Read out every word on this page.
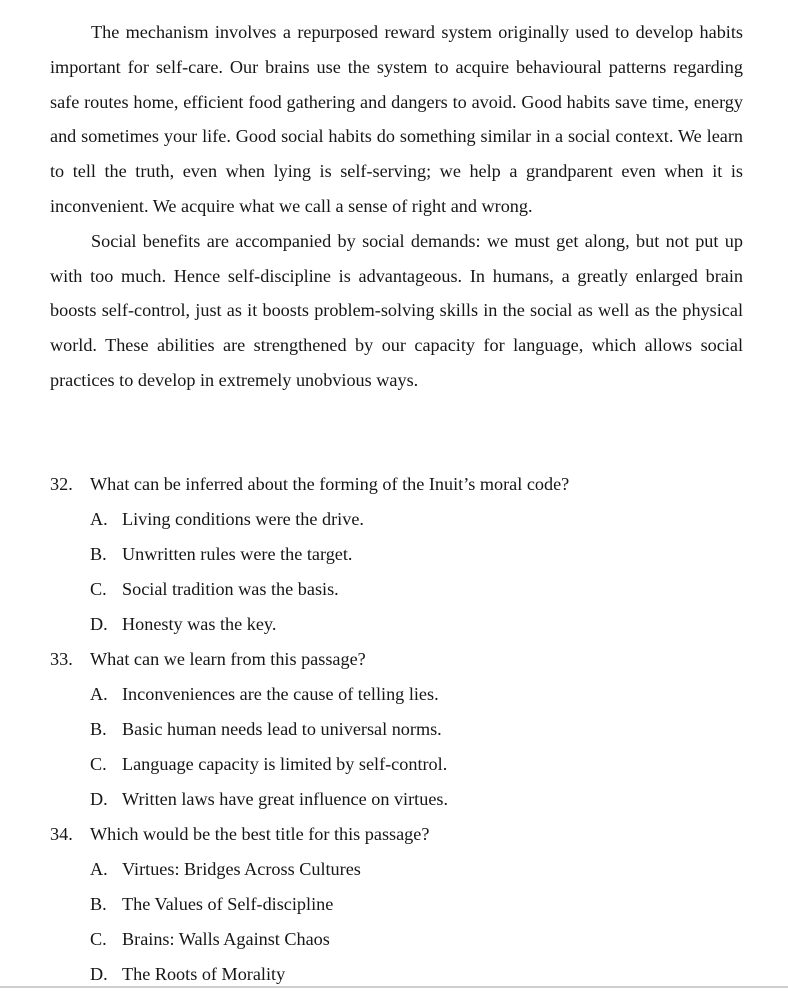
The mechanism involves a repurposed reward system originally used to develop habits important for self-care. Our brains use the system to acquire behavioural patterns regarding safe routes home, efficient food gathering and dangers to avoid. Good habits save time, energy and sometimes your life. Good social habits do something similar in a social context. We learn to tell the truth, even when lying is self-serving; we help a grandparent even when it is inconvenient. We acquire what we call a sense of right and wrong.

Social benefits are accompanied by social demands: we must get along, but not put up with too much. Hence self-discipline is advantageous. In humans, a greatly enlarged brain boosts self-control, just as it boosts problem-solving skills in the social as well as the physical world. These abilities are strengthened by our capacity for language, which allows social practices to develop in extremely unobvious ways.

32. What can be inferred about the forming of the Inuit’s moral code?
A. Living conditions were the drive.
B. Unwritten rules were the target.
C. Social tradition was the basis.
D. Honesty was the key.
33. What can we learn from this passage?
A. Inconveniences are the cause of telling lies.
B. Basic human needs lead to universal norms.
C. Language capacity is limited by self-control.
D. Written laws have great influence on virtues.
34. Which would be the best title for this passage?
A. Virtues: Bridges Across Cultures
B. The Values of Self-discipline
C. Brains: Walls Against Chaos
D. The Roots of Morality
